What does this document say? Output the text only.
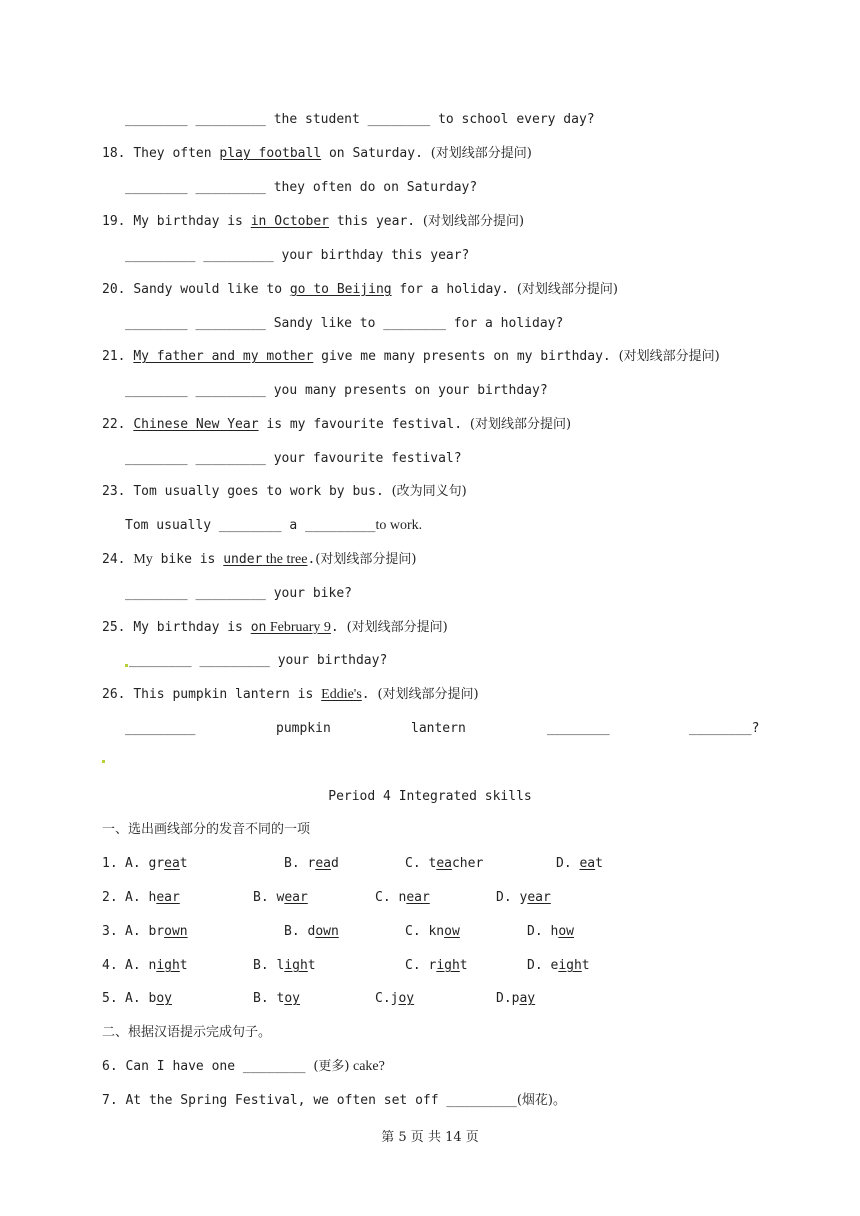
________ _________ the student ________ to school every day?
18. They often play football on Saturday. (对划线部分提问)
________ _________ they often do on Saturday?
19. My birthday is in October this year. (对划线部分提问)
_________ _________ your birthday this year?
20. Sandy would like to go to Beijing for a holiday. (对划线部分提问)
________ _________ Sandy like to ________ for a holiday?
21. My father and my mother give me many presents on my birthday. (对划线部分提问)
________ _________ you many presents on your birthday?
22. Chinese New Year is my favourite festival. (对划线部分提问)
________ _________ your favourite festival?
23. Tom usually goes to work by bus. (改为同义句)
Tom usually ________ a _________to work.
24. My bike is under the tree.(对划线部分提问)
________ _________ your bike?
25. My birthday is on February 9. (对划线部分提问)
________ _________ your birthday?
26. This pumpkin lantern is Eddie's. (对划线部分提问)
_________	pumpkin	lantern	________	________?
Period 4 Integrated skills
一、选出画线部分的发音不同的一项
1. A. great	B. read	C. teacher	D. eat
2. A. hear	B. wear	C. near	D. year
3. A. brown	B. down	C. know	D. how
4. A. night	B. light	C. right	D. eight
5. A. boy	B. toy	C.joy	D.pay
二、根据汉语提示完成句子。
6. Can I have one ________ (更多) cake?
7. At the Spring Festival, we often set off _________(烟花)。
第 5 页 共 14 页
